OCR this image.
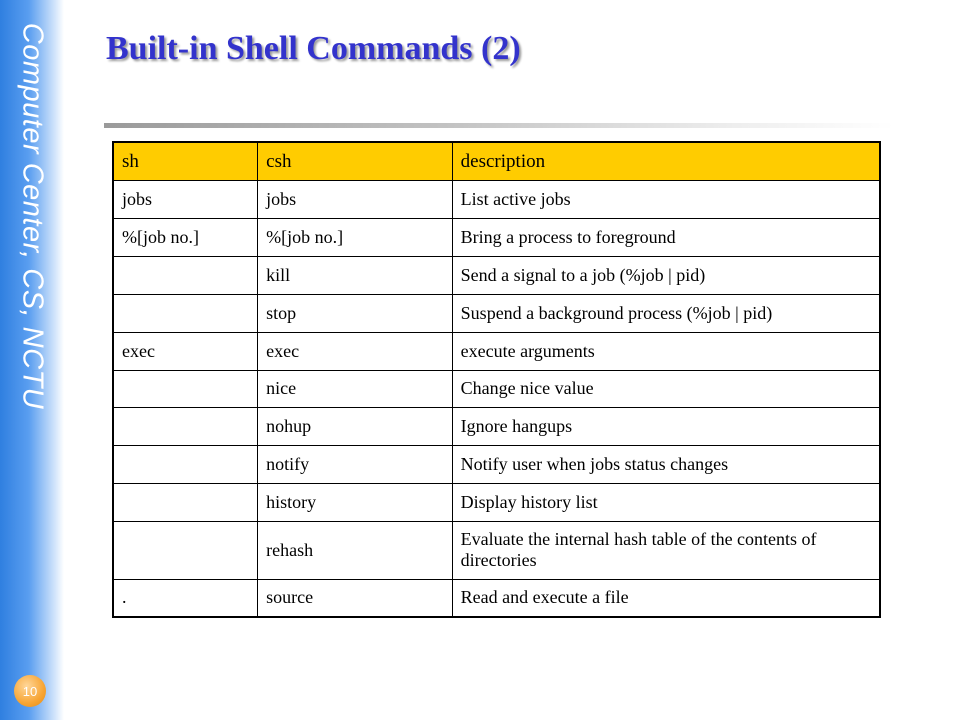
Computer Center, CS, NCTU
10
Built-in Shell Commands (2)
sh	csh	description
jobs	jobs	List active jobs
%[job no.]	%[job no.]	Bring a process to foreground
	kill	Send a signal to a job (%job | pid)
	stop	Suspend a background process (%job | pid)
exec	exec	execute arguments
	nice	Change nice value
	nohup	Ignore hangups
	notify	Notify user when jobs status changes
	history	Display history list
	rehash	Evaluate the internal hash table of the contents of directories
.	source	Read and execute a file
